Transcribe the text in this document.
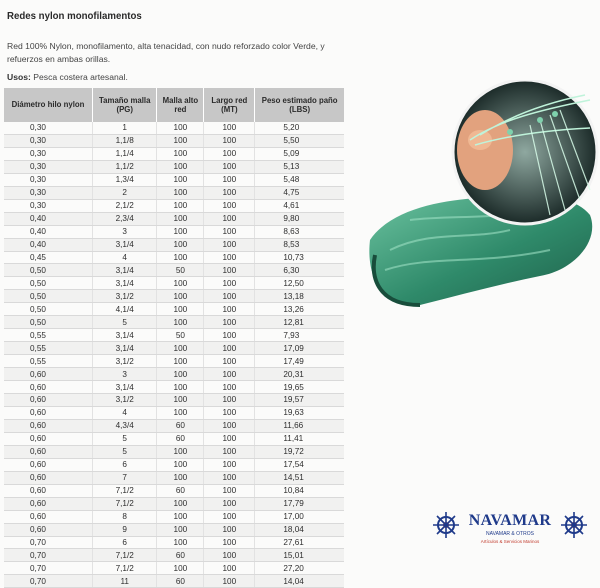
Redes nylon monofilamentos
Red 100% Nylon, monofilamento, alta tenacidad, con nudo reforzado color Verde, y refuerzos en ambas orillas.
Usos: Pesca costera artesanal.
Diámetro hilo nylon	Tamaño malla (PG)	Malla alto red	Largo red (MT)	Peso estimado paño (LBS)
0,30	1	100	100	5,20
0,30	1,1/8	100	100	5,50
0,30	1,1/4	100	100	5,09
0,30	1,1/2	100	100	5,13
0,30	1,3/4	100	100	5,48
0,30	2	100	100	4,75
0,30	2,1/2	100	100	4,61
0,40	2,3/4	100	100	9,80
0,40	3	100	100	8,63
0,40	3,1/4	100	100	8,53
0,45	4	100	100	10,73
0,50	3,1/4	50	100	6,30
0,50	3,1/4	100	100	12,50
0,50	3,1/2	100	100	13,18
0,50	4,1/4	100	100	13,26
0,50	5	100	100	12,81
0,55	3,1/4	50	100	7,93
0,55	3,1/4	100	100	17,09
0,55	3,1/2	100	100	17,49
0,60	3	100	100	20,31
0,60	3,1/4	100	100	19,65
0,60	3,1/2	100	100	19,57
0,60	4	100	100	19,63
0,60	4,3/4	60	100	11,66
0,60	5	60	100	11,41
0,60	5	100	100	19,72
0,60	6	100	100	17,54
0,60	7	100	100	14,51
0,60	7,1/2	60	100	10,84
0,60	7,1/2	100	100	17,79
0,60	8	100	100	17,00
0,60	9	100	100	18,04
0,70	6	100	100	27,61
0,70	7,1/2	60	100	15,01
0,70	7,1/2	100	100	27,20
0,70	11	60	100	14,04
NAVAMAR
NAVAMAR & OTROS
Artículos & Servicios Marinos
